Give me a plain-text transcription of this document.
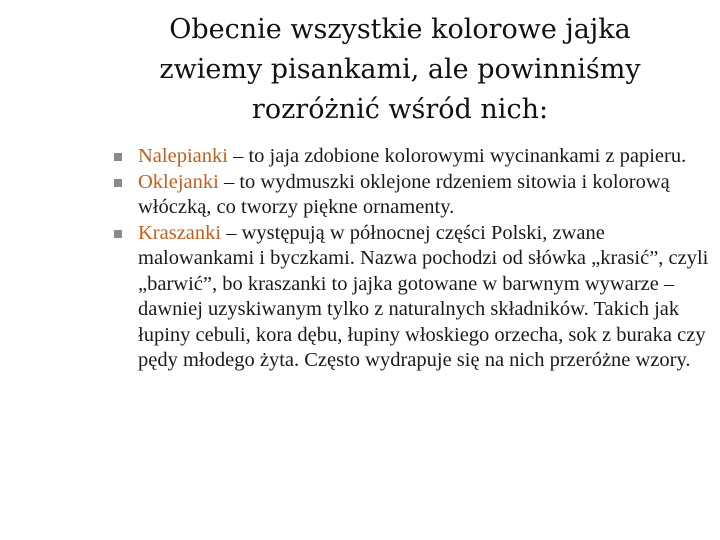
Obecnie wszystkie kolorowe jajka
zwiemy pisankami, ale powinniśmy
rozróżnić wśród nich:
Nalepianki – to jaja zdobione kolorowymi wycinankami z papieru.
Oklejanki – to wydmuszki oklejone rdzeniem sitowia i kolorową włóczką, co tworzy piękne ornamenty.
Kraszanki – występują w północnej części Polski, zwane malowankami i byczkami. Nazwa pochodzi od słówka „krasić”, czyli „barwić”, bo kraszanki to jajka gotowane w barwnym wywarze – dawniej uzyskiwanym tylko z naturalnych składników. Takich jak łupiny cebuli, kora dębu, łupiny włoskiego orzecha, sok z buraka czy pędy młodego żyta. Często wydrapuje się na nich przeróżne wzory.
